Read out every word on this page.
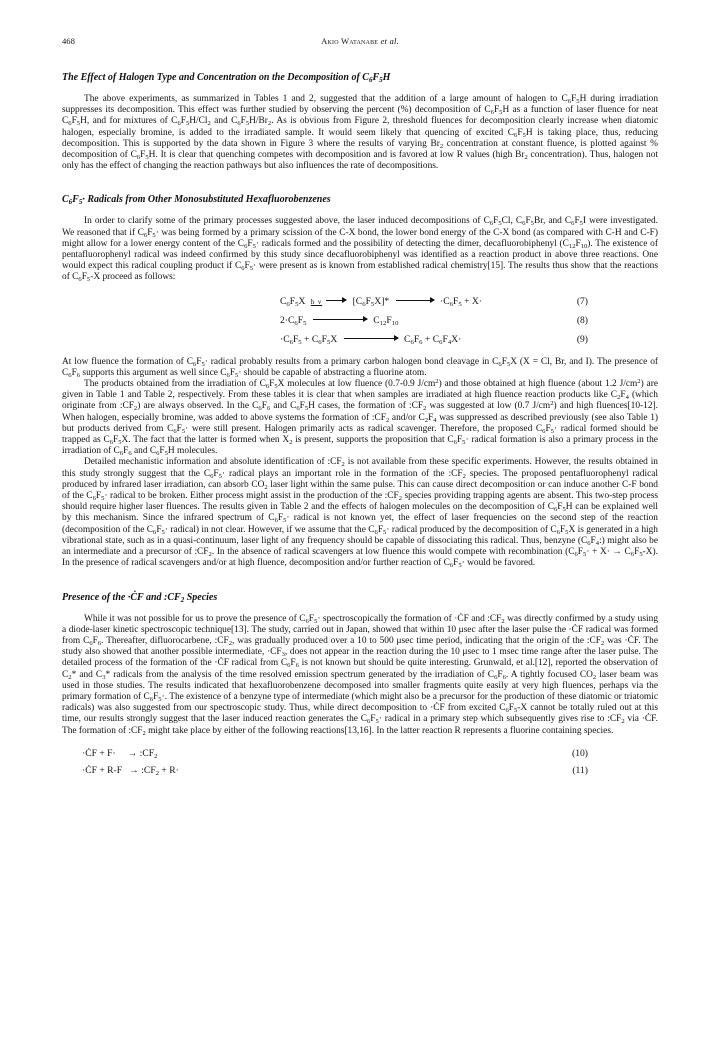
468	Akio Watanabe et al.
The Effect of Halogen Type and Concentration on the Decomposition of $C_6F_5H$

The above experiments, as summarized in Tables 1 and 2, suggested that the addition of a large amount of halogen to $C_6F_5H$ during irradiation suppresses its decomposition. This effect was further studied by observing the percent (%) decomposition of $C_6F_5H$ as a function of laser fluence for neat $C_6F_5H$, and for mixtures of $C_6F_5H/Cl_2$ and $C_6F_5H/Br_2$. As is obvious from Figure 2, threshold fluences for decomposition clearly increase when diatomic halogen, especially bromine, is added to the irradiated sample. It would seem likely that quencing of excited $C_6F_5H$ is taking place, thus, reducing decomposition. This is supported by the data shown in Figure 3 where the results of varying $Br_2$ concentration at constant fluence, is plotted against % decomposition of $C_6F_5H$. It is clear that quenching competes with decomposition and is favored at low R values (high $Br_2$ concentration). Thus, halogen not only has the effect of changing the reaction pathways but also influences the rate of decompositions.

$C_6F_5\cdot$ Radicals from Other Monosubstituted Hexafluorobenzenes

In order to clarify some of the primary processes suggested above, the laser induced decompositions of $C_6F_5Cl$, $C_6F_5Br$, and $C_6F_5I$ were investigated. We reasoned that if $C_6F_5\cdot$ was being formed by a primary scission of the C-X bond, the lower bond energy of the C-X bond (as compared with C-H and C-F) might allow for a lower energy content of the $C_6F_5\cdot$ radicals formed and the possibility of detecting the dimer, decafluorobiphenyl $(C_{12}F_{10})$. The existence of pentafluorophenyl radical was indeed confirmed by this study since decafluorobiphenyl was identified as a reaction product in above three reactions. One would expect this radical coupling product if $C_6F_5\cdot$ were present as is known from established radical chemistry[15]. The results thus show that the reactions of $C_6F_5-X$ proceed as follows:

$C_6F_5X$ h ν	$[C_6F_5X]*$	$\cdot C_6F_5 + X\cdot$	(7)
$2\cdot C_6F_5$	$C_{12}F_{10}$	(8)
$\cdot C_6F_5 + C_6F_5X$	$C_6F_6 + C_6F_4X\cdot$	(9)

At low fluence the formation of $C_6F_5\cdot$ radical probably results from a primary carbon halogen bond cleavage in $C_6F_5X$ (X = Cl, Br, and I). The presence of $C_6F_6$ supports this argument as well since $C_6F_5\cdot$ should be capable of abstracting a fluorine atom.

The products obtained from the irradiation of $C_6F_5X$ molecules at low fluence (0.7-0.9 $J/cm^2$) and those obtained at high fluence (about 1.2 $J/cm^2$) are given in Table 1 and Table 2, respectively. From these tables it is clear that when samples are irradiated at high fluence reaction products like $C_2F_4$ (which originate from $:CF_2$) are always observed. In the $C_6F_6$ and $C_6F_5H$ cases, the formation of $:CF_2$ was suggested at low (0.7 $J/cm^2$) and high fluences[10-12]. When halogen, especially bromine, was added to above systems the formation of $:CF_2$ and/or $C_2F_4$ was suppressed as described previously (see also Table 1) but products derived from $C_6F_5\cdot$ were still present. Halogen primarily acts as radical scavenger. Therefore, the proposed $C_6F_5\cdot$ radical formed should be trapped as $C_6F_5X$. The fact that the latter is formed when $X_2$ is present, supports the proposition that $C_6F_5\cdot$ radical formation is also a primary process in the irradiation of $C_6F_6$ and $C_6F_5H$ molecules.

Detailed mechanistic information and absolute identification of $:CF_2$ is not available from these specific experiments. However, the results obtained in this study strongly suggest that the $C_6F_5\cdot$ radical plays an important role in the formation of the $:CF_2$ species. The proposed pentafluorophenyl radical produced by infrared laser irradiation, can absorb $CO_2$ laser light within the same pulse. This can cause direct decomposition or can induce another C-F bond of the $C_6F_5\cdot$ radical to be broken. Either process might assist in the production of the $:CF_2$ species providing trapping agents are absent. This two-step process should require higher laser fluences. The results given in Table 2 and the effects of halogen molecules on the decomposition of $C_6F_5H$ can be explained well by this mechanism. Since the infrared spectrum of $C_6F_5\cdot$ radical is not known yet, the effect of laser frequencies on the second step of the reaction (decomposition of the $C_6F_5\cdot$ radical) in not clear. However, if we assume that the $C_6F_5\cdot$ radical produced by the decomposition of $C_6F_5X$ is generated in a high vibrational state, such as in a quasi-continuum, laser light of any frequency should be capable of dissociating this radical. Thus, benzyne $(C_6F_4:)$ might also be an intermediate and a precursor of $:CF_2$. In the absence of radical scavengers at low fluence this would compete with recombination $(C_6F_5\cdot + X\cdot \to C_6F_5-X)$. In the presence of radical scavengers and/or at high fluence, decomposition and/or further reaction of $C_6F_5\cdot$ would be favored.

Presence of the ·ĊF and $:CF_2$ Species

While it was not possible for us to prove the presence of $C_6F_5\cdot$ spectroscopically the formation of ·ĊF and $:CF_2$ was directly confirmed by a study using a diode-laser kinetic spectroscopic technique[13]. The study, carried out in Japan, showed that within 10 μsec after the laser pulse the ·ĊF radical was formed from $C_6F_6$. Thereafter, difluorocarbene, $:CF_2$, was gradually produced over a 10 to 500 μsec time period, indicating that the origin of the $:CF_2$ was ·ĊF. The study also showed that another possible intermediate, $\cdot CF_3$, does not appear in the reaction during the 10 μsec to 1 msec time range after the laser pulse. The detailed process of the formation of the ·ĊF radical from $C_6F_6$ is not known but should be quite interesting. Grunwald, et al.[12], reported the observation of $C_2*$ and $C_3*$ radicals from the analysis of the time resolved emission spectrum generated by the irradiation of $C_6F_6$. A tightly focused $CO_2$ laser beam was used in those studies. The results indicated that hexafluorobenzene decomposed into smaller fragments quite easily at very high fluences, perhaps via the primary formation of $C_6F_5\cdot$. The existence of a benzyne type of intermediate (which might also be a precursor for the production of these diatomic or triatomic radicals) was also suggested from our spectroscopic study. Thus, while direct decomposition to ·ĊF from excited $C_6F_5-X$ cannot be totally ruled out at this time, our results strongly suggest that the laser induced reaction generates the $C_6F_5\cdot$ radical in a primary step which subsequently gives rise to $:CF_2$ via ·ĊF. The formation of $:CF_2$ might take place by either of the following reactions[13,16]. In the latter reaction R represents a fluorine containing species.

·ĊF + F·     → $:CF_2$	(10)
·ĊF + $R-F \to :CF_2 + R\cdot$	(11)
